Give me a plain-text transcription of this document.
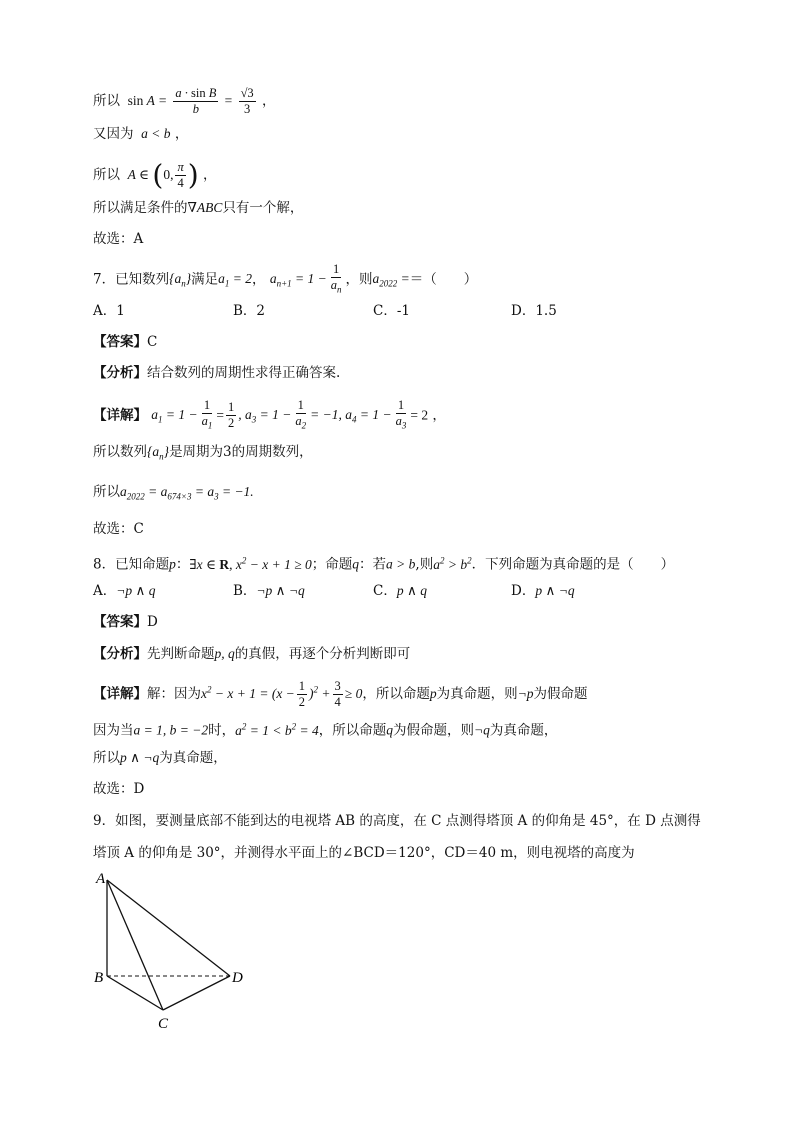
所以 $\sin A = \frac{\text{a · sin B}}{b} = \frac{√3}{3}$ ，
又因为  a < b ，
所以  A ∈ (0, $\frac{\pi}{4}$ ) ，
所以满足条件的∇ABC只有一个解，
故选：A
7．已知数列$\{a_n\}$满足$a_1 = 2$， $a_{n+1} = 1 - \frac{1}{a_n}$ ，则$a_{2022}$ =＝（　　）
A．1	B．2	C．-1	D．1.5
【答案】C
【分析】结合数列的周期性求得正确答案.
【详解】 $a_1 = 1 - \frac{1}{a_1} = \frac{1}{2}$ , $a_3 = 1 - \frac{1}{a_2} = -1$, $a_4 = 1 - \frac{1}{a_3} = 2$ ，
所以数列$\{a_n\}$是周期为3的周期数列，
所以$a_{2022} = a_{674\times 3} = a_3 = -1$.
故选：C
8．已知命题p：∃x ∈ R, $x^2 - x + 1 \ge 0$；命题q：若a > b,则$a^2 > b^2$．下列命题为真命题的是（　　）
A．¬p ∧ q	B．¬p ∧ ¬q	C．p ∧ q	D．p ∧ ¬q
【答案】D
【分析】先判断命题p, q的真假，再逐个分析判断即可
【详解】解：因为$x^2 - x + 1 = (x - \frac{1}{2} )^2 + \frac{3}{4} \ge 0$，所以命题p为真命题，则¬p为假命题
因为当a = 1, b = −2时，$a^2 = 1 < b^2 = 4$，所以命题q为假命题，则¬q为真命题，
所以p ∧ ¬q为真命题，
故选：D
9．如图，要测量底部不能到达的电视塔 AB 的高度，在 C 点测得塔顶 A 的仰角是 45°，在 D 点测得
塔顶 A 的仰角是 30°，并测得水平面上的∠BCD＝120°，CD＝40 m，则电视塔的高度为
A
B
C
D
